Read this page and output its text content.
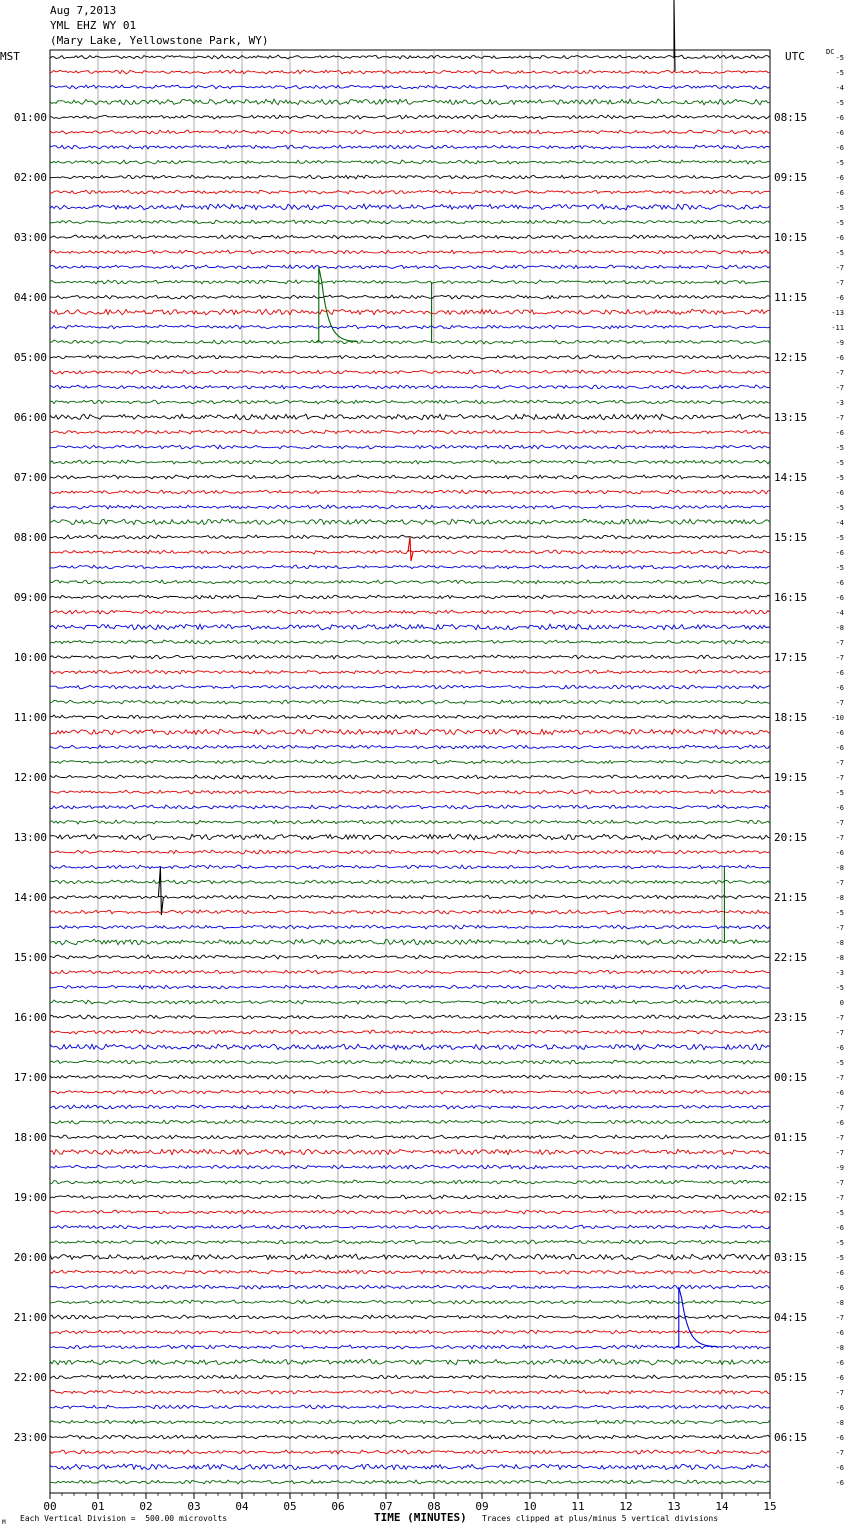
Aug 7,2013
YML EHZ WY 01
(Mary Lake, Yellowstone Park, WY)
MST	UTC	DC
01:00
02:00
03:00
04:00
05:00
06:00
07:00
08:00
09:00
10:00
11:00
12:00
13:00
14:00
15:00
16:00
17:00
18:00
19:00
20:00
21:00
22:00
23:00
08:15
09:15
10:15
11:15
12:15
13:15
14:15
15:15
16:15
17:15
18:15
19:15
20:15
21:15
22:15
23:15
00:15
01:15
02:15
03:15
04:15
05:15
06:15
-5
-5
-4
-5
-6
-6
-6
-5
-6
-6
-5
-5
-6
-5
-7
-7
-6
-13
-11
-9
-6
-7
-7
-3
-7
-6
-5
-5
-5
-6
-5
-4
-5
-6
-5
-6
-6
-4
-8
-7
-7
-6
-6
-7
-10
-6
-6
-7
-7
-5
-6
-7
-7
-6
-8
-7
-8
-5
-7
-8
-8
-3
-5
0
-7
-7
-6
-5
-7
-6
-7
-6
-7
-7
-9
-7
-7
-5
-6
-5
-5
-6
-6
-8
-7
-6
-8
-6
-6
-7
-6
-8
-6
-7
-6
-6
00	01	02	03	04	05	06	07	08	09	10	11	12	13	14	15
Each Vertical Division =  500.00 microvolts	TIME (MINUTES) Traces clipped at plus/minus 5 vertical divisions
M
